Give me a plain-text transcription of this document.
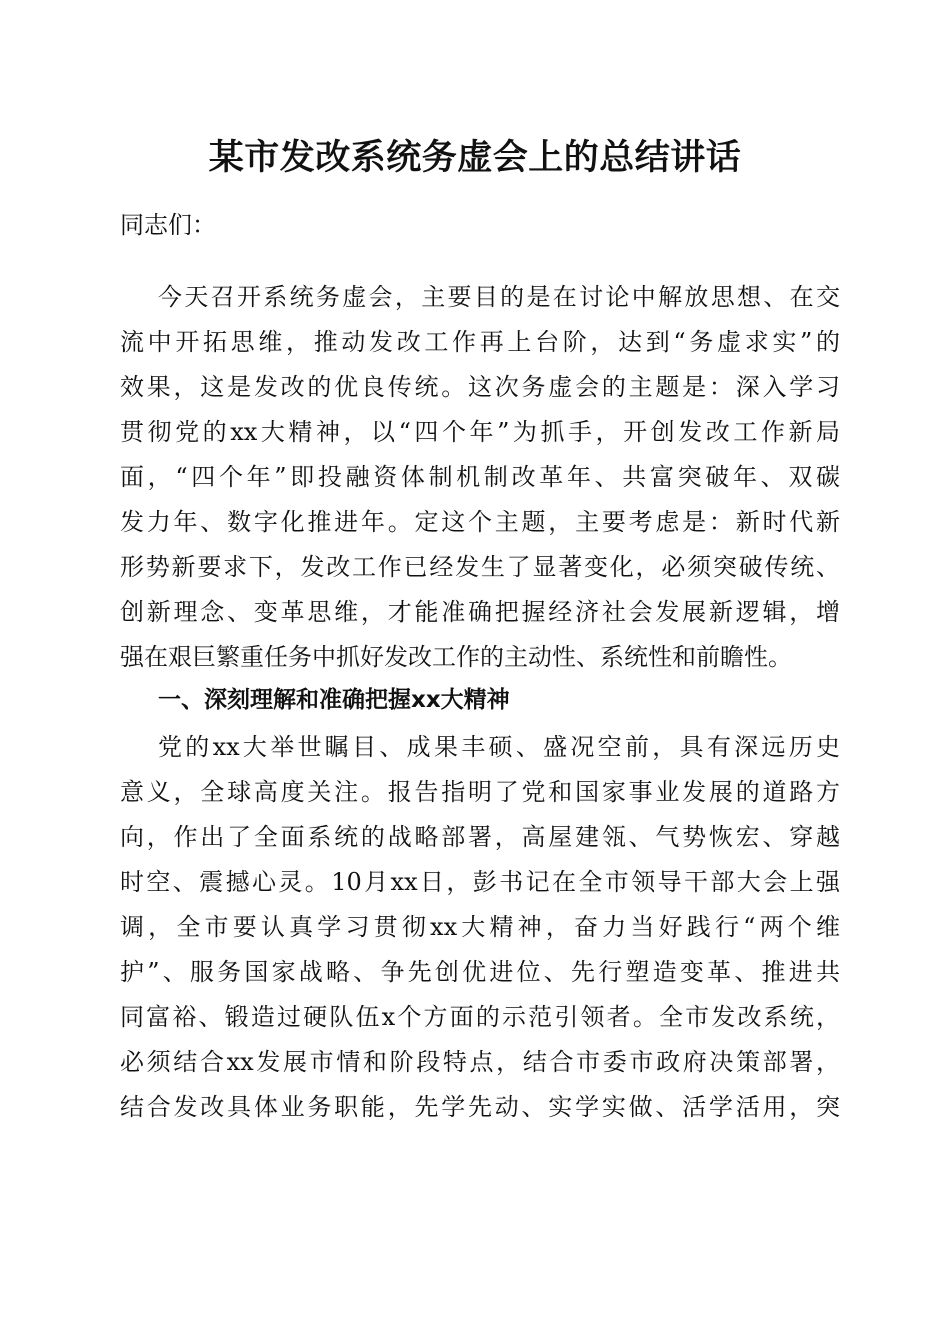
某市发改系统务虚会上的总结讲话
同志们：
今天召开系统务虚会，主要目的是在讨论中解放思想、在交
流中开拓思维，推动发改工作再上台阶，达到“务虚求实”的
效果，这是发改的优良传统。这次务虚会的主题是：深入学习
贯彻党的xx大精神，以“四个年”为抓手，开创发改工作新局
面，“四个年”即投融资体制机制改革年、共富突破年、双碳
发力年、数字化推进年。定这个主题，主要考虑是：新时代新
形势新要求下，发改工作已经发生了显著变化，必须突破传统、
创新理念、变革思维，才能准确把握经济社会发展新逻辑，增
强在艰巨繁重任务中抓好发改工作的主动性、系统性和前瞻性。
一、深刻理解和准确把握xx大精神
党的xx大举世瞩目、成果丰硕、盛况空前，具有深远历史
意义，全球高度关注。报告指明了党和国家事业发展的道路方
向，作出了全面系统的战略部署，高屋建瓴、气势恢宏、穿越
时空、震撼心灵。10月xx日，彭书记在全市领导干部大会上强
调，全市要认真学习贯彻xx大精神，奋力当好践行“两个维
护”、服务国家战略、争先创优进位、先行塑造变革、推进共
同富裕、锻造过硬队伍x个方面的示范引领者。全市发改系统，
必须结合xx发展市情和阶段特点，结合市委市政府决策部署，
结合发改具体业务职能，先学先动、实学实做、活学活用，突
